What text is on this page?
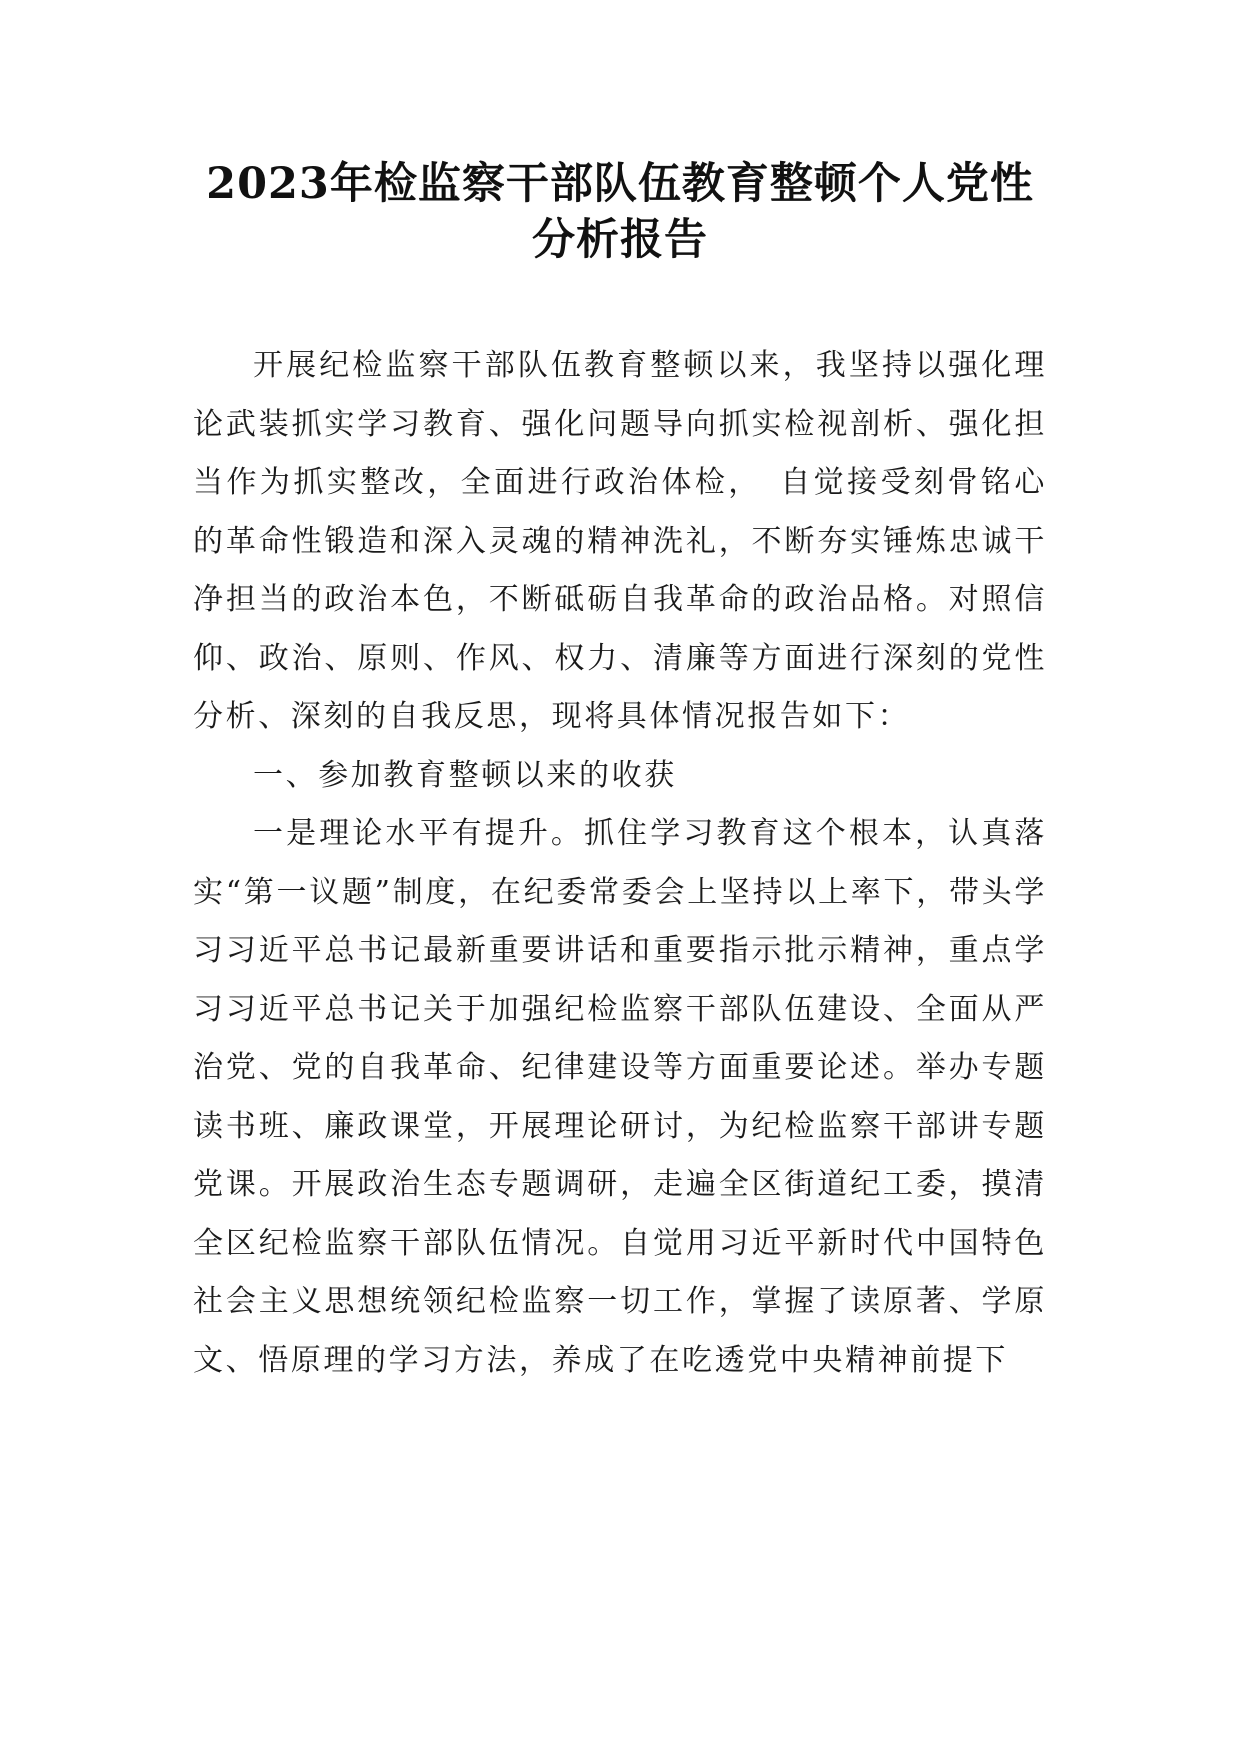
2023年检监察干部队伍教育整顿个人党性
分析报告

开展纪检监察干部队伍教育整顿以来，我坚持以强化理论武装抓实学习教育、强化问题导向抓实检视剖析、强化担当作为抓实整改，全面进行政治体检，　自觉接受刻骨铭心的革命性锻造和深入灵魂的精神洗礼，不断夯实锤炼忠诚干净担当的政治本色，不断砥砺自我革命的政治品格。对照信仰、政治、原则、作风、权力、清廉等方面进行深刻的党性分析、深刻的自我反思，现将具体情况报告如下：

一、参加教育整顿以来的收获

一是理论水平有提升。抓住学习教育这个根本，认真落实“第一议题”制度，在纪委常委会上坚持以上率下，带头学习习近平总书记最新重要讲话和重要指示批示精神，重点学习习近平总书记关于加强纪检监察干部队伍建设、全面从严治党、党的自我革命、纪律建设等方面重要论述。举办专题读书班、廉政课堂，开展理论研讨，为纪检监察干部讲专题党课。开展政治生态专题调研，走遍全区街道纪工委，摸清全区纪检监察干部队伍情况。自觉用习近平新时代中国特色社会主义思想统领纪检监察一切工作，掌握了读原著、学原文、悟原理的学习方法，养成了在吃透党中央精神前提下
